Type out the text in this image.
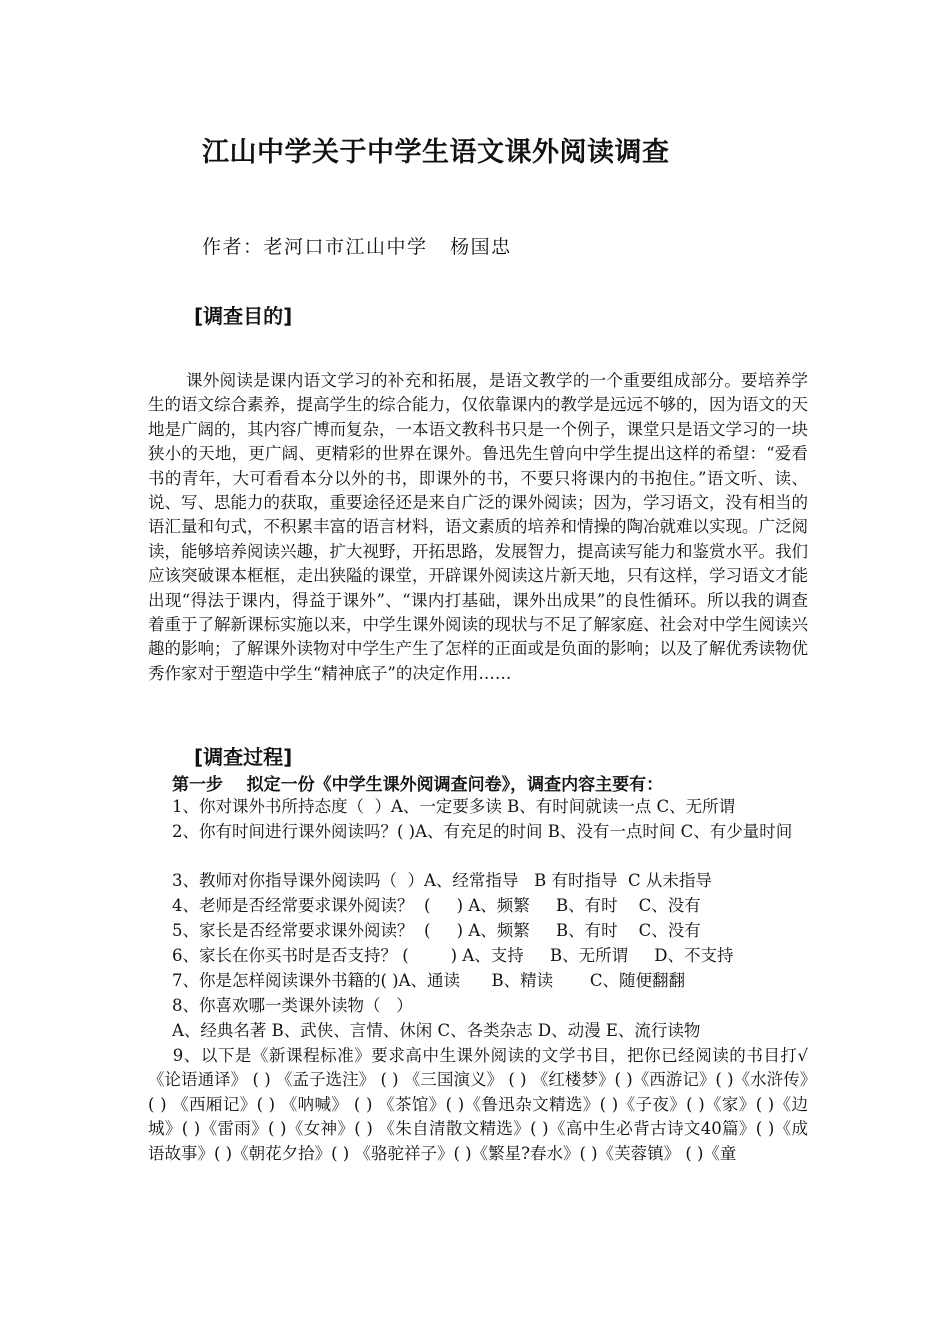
江山中学关于中学生语文课外阅读调查
作者：老河口市江山中学   杨国忠
[调查目的]
课外阅读是课内语文学习的补充和拓展，是语文教学的一个重要组成部分。要培养学生的语文综合素养，提高学生的综合能力，仅依靠课内的教学是远远不够的，因为语文的天地是广阔的，其内容广博而复杂，一本语文教科书只是一个例子，课堂只是语文学习的一块狭小的天地，更广阔、更精彩的世界在课外。鲁迅先生曾向中学生提出这样的希望：“爱看书的青年，大可看看本分以外的书，即课外的书，不要只将课内的书抱住。”语文听、读、说、写、思能力的获取，重要途径还是来自广泛的课外阅读；因为，学习语文，没有相当的语汇量和句式，不积累丰富的语言材料，语文素质的培养和情操的陶冶就难以实现。广泛阅读，能够培养阅读兴趣，扩大视野，开拓思路，发展智力，提高读写能力和鉴赏水平。我们应该突破课本框框，走出狭隘的课堂，开辟课外阅读这片新天地，只有这样，学习语文才能出现“得法于课内，得益于课外”、“课内打基础，课外出成果”的良性循环。所以我的调查着重于了解新课标实施以来，中学生课外阅读的现状与不足了解家庭、社会对中学生阅读兴趣的影响；了解课外读物对中学生产生了怎样的正面或是负面的影响；以及了解优秀读物优秀作家对于塑造中学生“精神底子”的决定作用……
[调查过程]
第一步    拟定一份《中学生课外阅调查问卷》，调查内容主要有：
1、你对课外书所持态度（  ）A、一定要多读 B、有时间就读一点 C、无所谓
2、你有时间进行课外阅读吗？( )A、有充足的时间 B、没有一点时间 C、有少量时间
3、教师对你指导课外阅读吗（  ）A、经常指导   B 有时指导  C 从未指导
4、老师是否经常要求课外阅读？  (     ) A、频繁     B、有时    C、没有
5、家长是否经常要求课外阅读？  (     ) A、频繁     B、有时    C、没有
6、家长在你买书时是否支持？ (        ) A、支持     B、无所谓     D、不支持
7、你是怎样阅读课外书籍的( )A、通读      B、精读       C、随便翻翻
8、你喜欢哪一类课外读物（   ）
A、经典名著 B、武侠、言情、休闲 C、各类杂志 D、动漫 E、流行读物
9、以下是《新课程标准》要求高中生课外阅读的文学书目，把你已经阅读的书目打√《论语通译》 ( ) 《孟子选注》 ( ) 《三国演义》 ( ) 《红楼梦》( )《西游记》( )《水浒传》( ) 《西厢记》( ) 《呐喊》 ( ) 《茶馆》( )《鲁迅杂文精选》( )《子夜》( )《家》( )《边城》( )《雷雨》( )《女神》( ) 《朱自清散文精选》( )《高中生必背古诗文40篇》( )《成语故事》( )《朝花夕拾》( ) 《骆驼祥子》( )《繁星?春水》( )《芙蓉镇》 ( )《童
